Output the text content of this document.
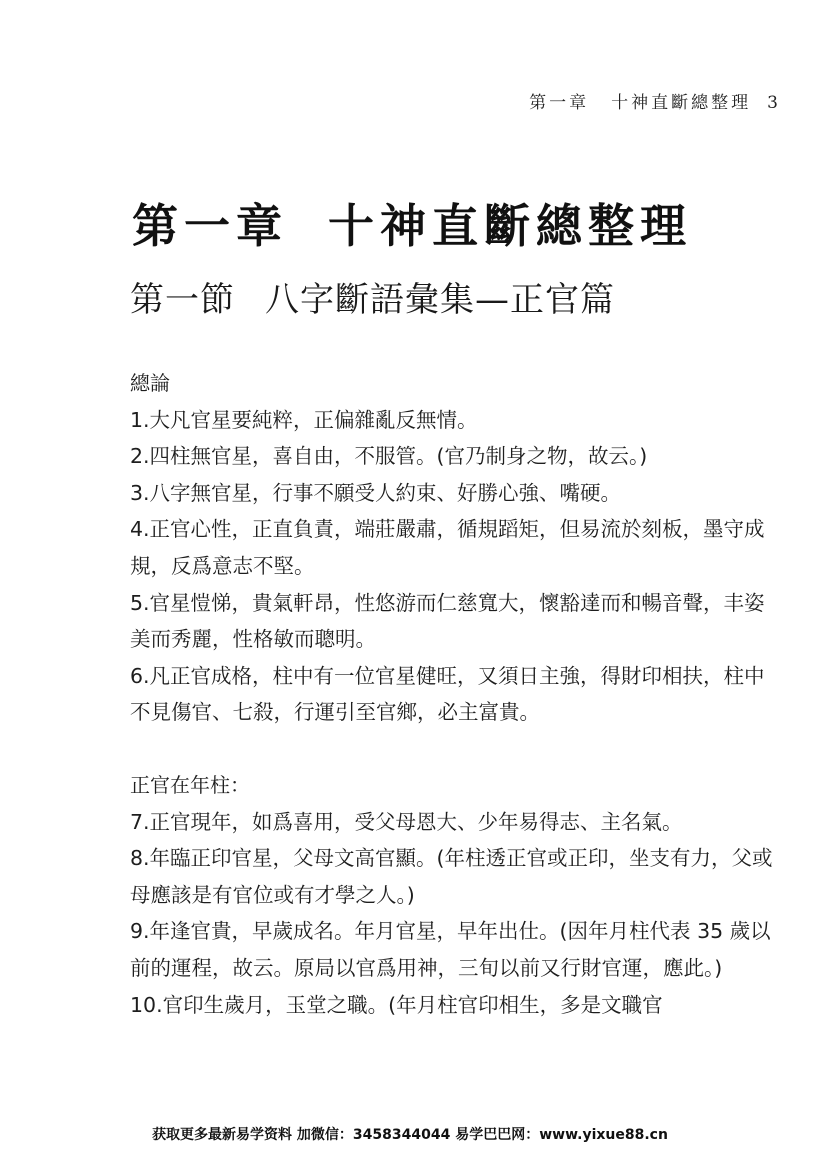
第一章 十神直斷總整理 3
第一章 十神直斷總整理
第一節 八字斷語彙集—正官篇

總論

1.大凡官星要純粹，正偏雜亂反無情。

2.四柱無官星，喜自由，不服管。(官乃制身之物，故云。)

3.八字無官星，行事不願受人約束、好勝心強、嘴硬。

4.正官心性，正直負責，端莊嚴肅，循規蹈矩，但易流於刻板，墨守成規，反爲意志不堅。

5.官星愷悌，貴氣軒昂，性悠游而仁慈寬大，懷豁達而和暢音聲，丰姿美而秀麗，性格敏而聰明。

6.凡正官成格，柱中有一位官星健旺，又須日主強，得財印相扶，柱中不見傷官、七殺，行運引至官鄉，必主富貴。

正官在年柱：

7.正官現年，如爲喜用，受父母恩大、少年易得志、主名氣。

8.年臨正印官星，父母文高官顯。(年柱透正官或正印，坐支有力，父或母應該是有官位或有才學之人。)

9.年逢官貴，早歲成名。年月官星，早年出仕。(因年月柱代表 35 歲以前的運程，故云。原局以官爲用神，三旬以前又行財官運，應此。)

10.官印生歲月，玉堂之職。(年月柱官印相生，多是文職官

获取更多最新易学资料 加微信：3458344044 易学巴巴网：www.yixue88.cn
